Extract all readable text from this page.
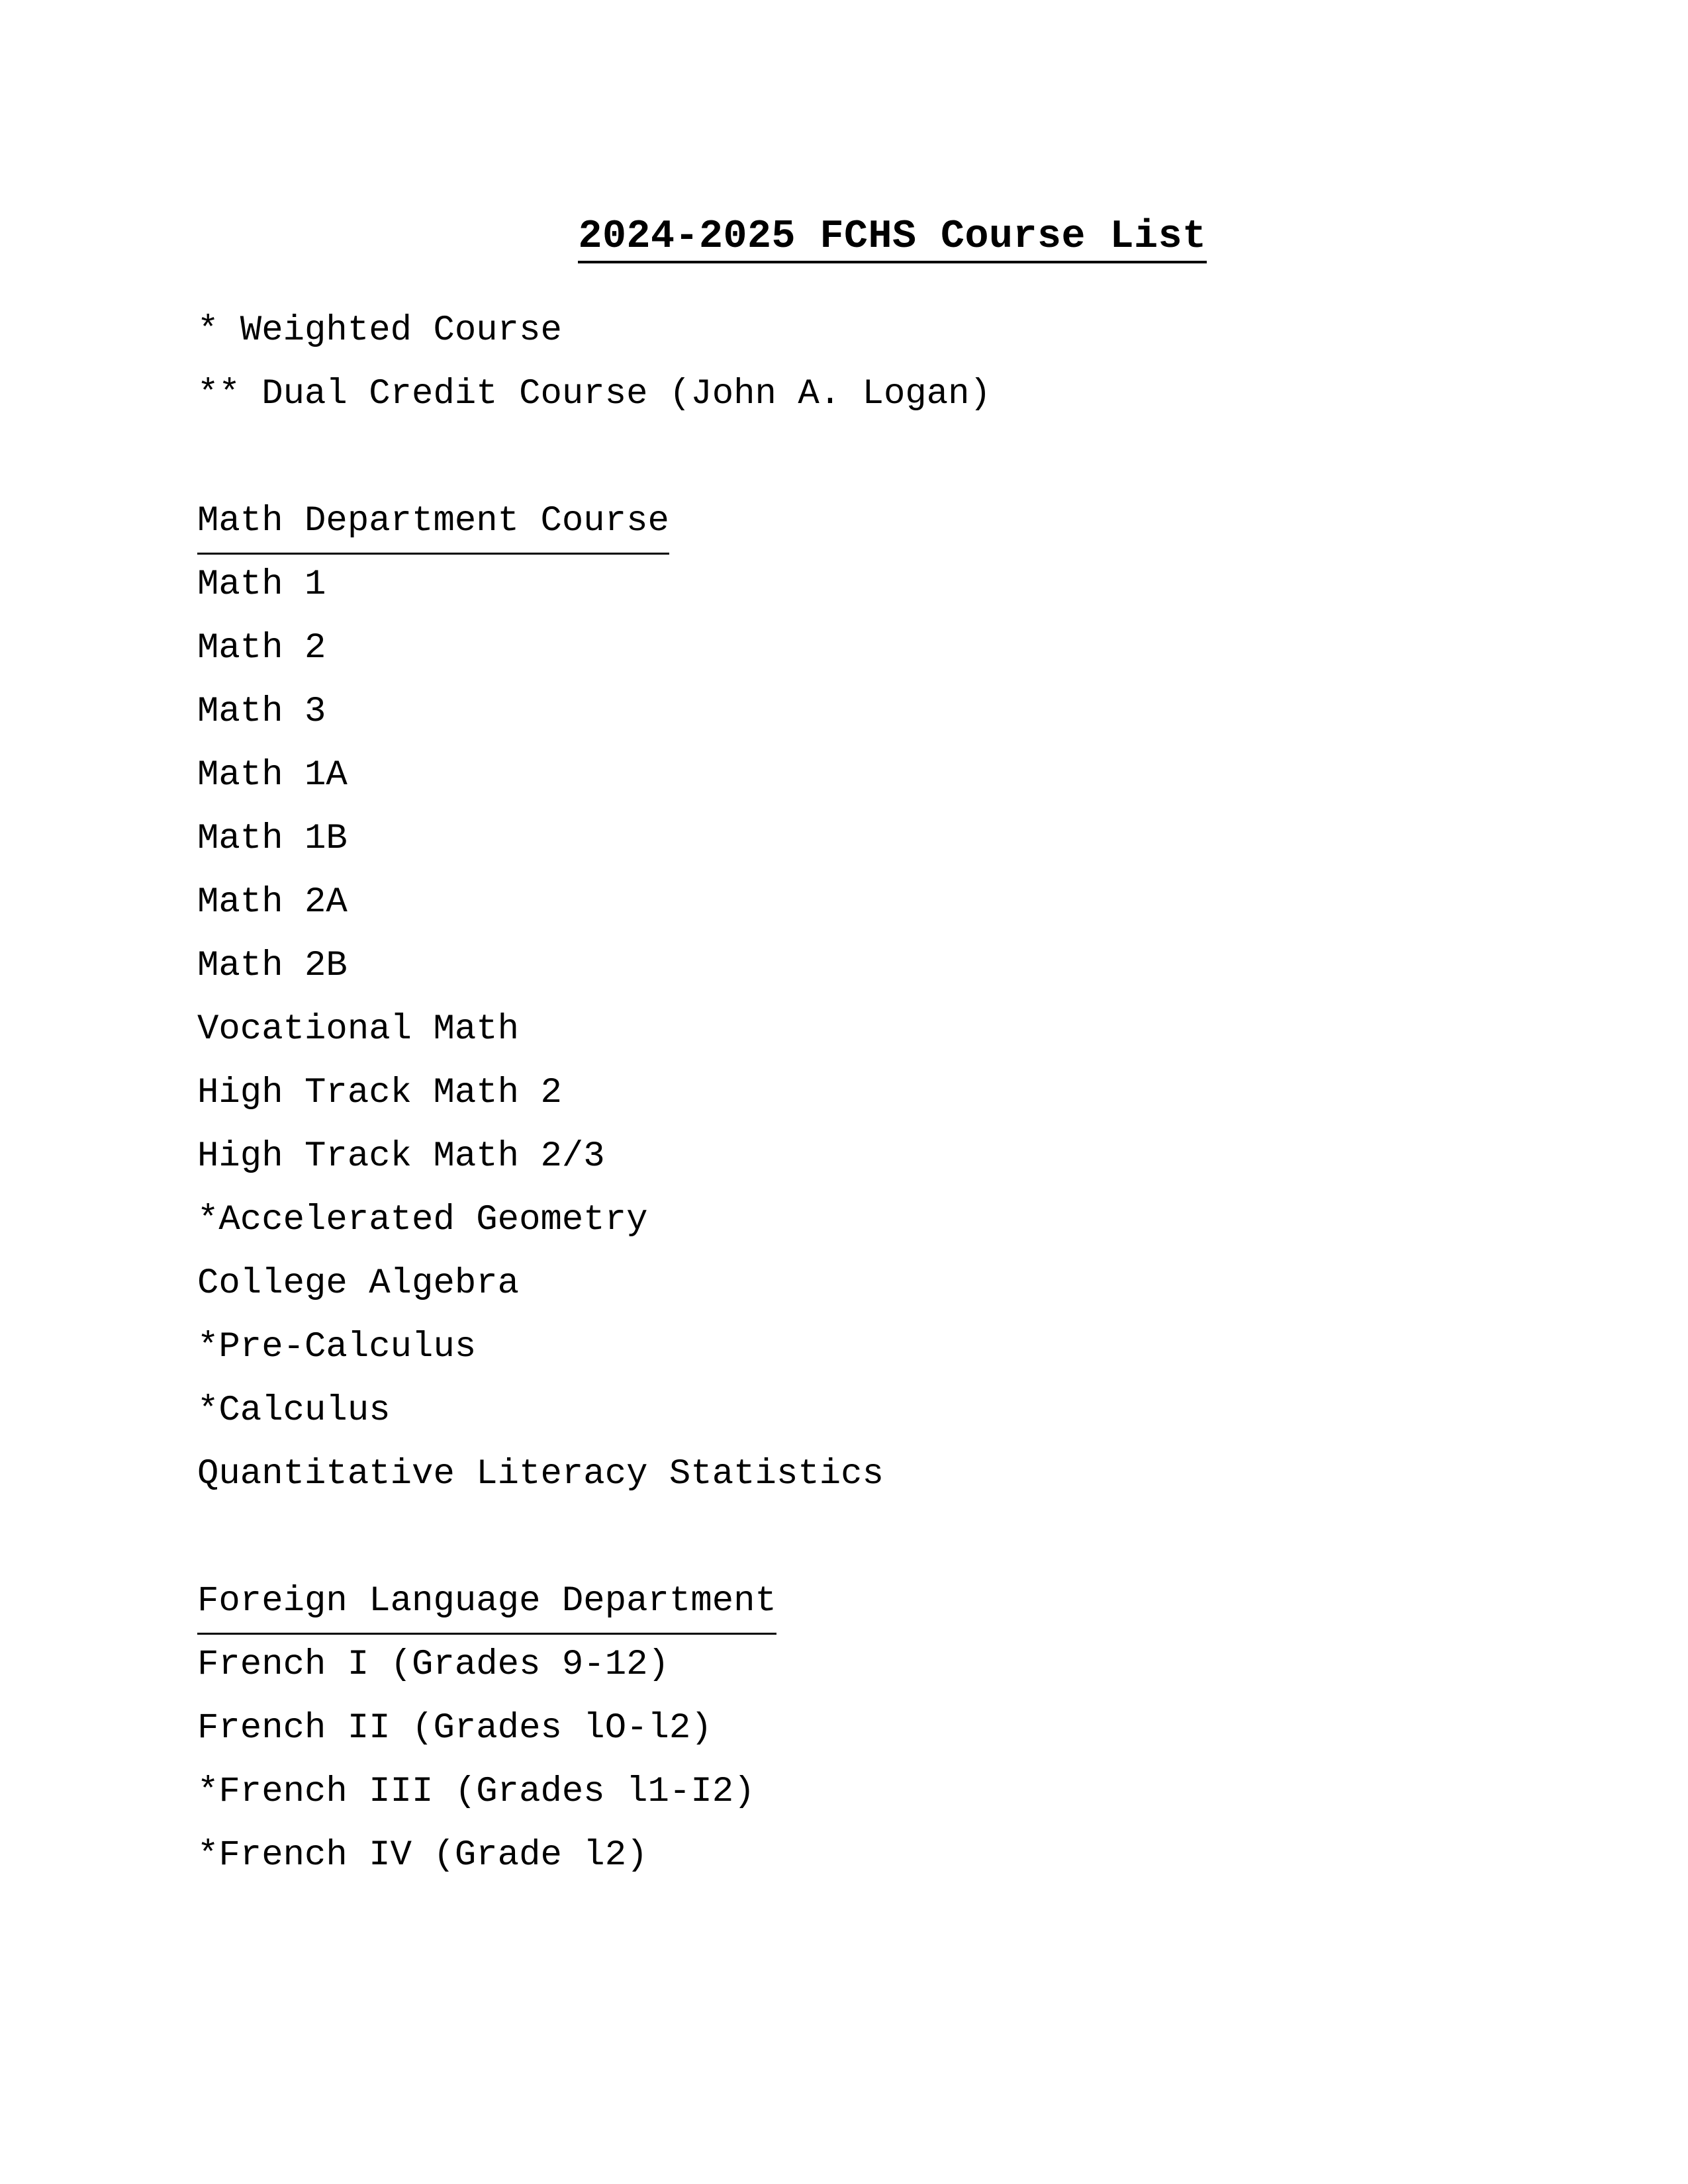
2024-2025 FCHS Course List

* Weighted Course
** Dual Credit Course (John A. Logan)
Math Department Course
Math 1
Math 2
Math 3
Math 1A
Math 1B
Math 2A
Math 2B
Vocational Math
High Track Math 2
High Track Math 2/3
*Accelerated Geometry
College Algebra
*Pre-Calculus
*Calculus
Quantitative Literacy Statistics
Foreign Language Department
French I (Grades 9-12)
French II (Grades lO-l2)
*French III (Grades l1-I2)
*French IV (Grade l2)
